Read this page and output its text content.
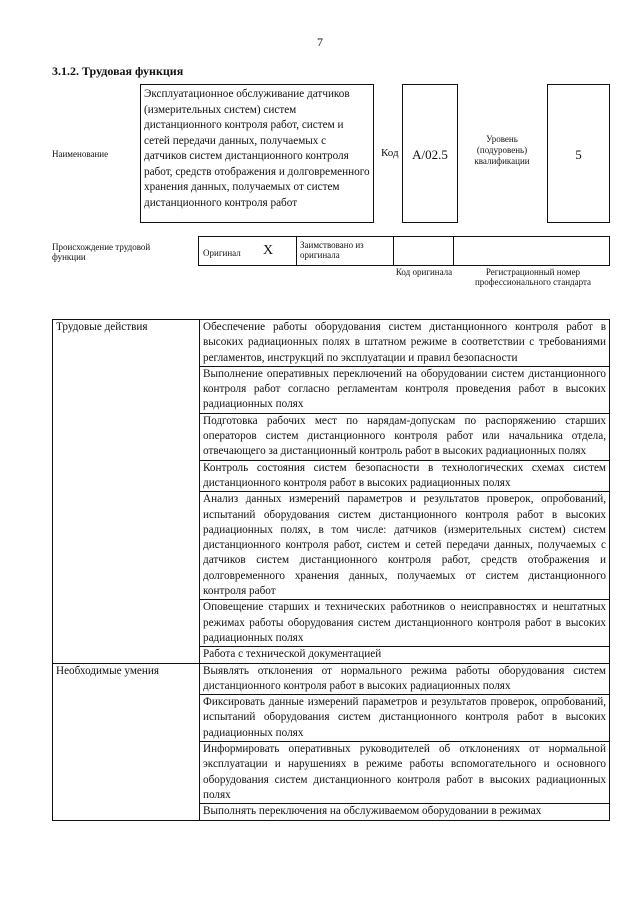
7
3.1.2. Трудовая функция
Наименование
Эксплуатационное обслуживание датчиков (измерительных систем) систем дистанционного контроля работ, систем и сетей передачи данных, получаемых с датчиков систем дистанционного контроля работ, средств отображения и долговременного хранения данных, получаемых от систем дистанционного контроля работ
Код	А/02.5
Уровень (подуровень) квалификации	5
Происхождение трудовой функции	Оригинал X	Заимствовано из оригинала
Код оригинала	Регистрационный номер профессионального стандарта
Трудовые действия	Обеспечение работы оборудования систем дистанционного контроля работ в высоких радиационных полях в штатном режиме в соответствии с требованиями регламентов, инструкций по эксплуатации и правил безопасности
	Выполнение оперативных переключений на оборудовании систем дистанционного контроля работ согласно регламентам контроля проведения работ в высоких радиационных полях
	Подготовка рабочих мест по нарядам-допускам по распоряжению старших операторов систем дистанционного контроля работ или начальника отдела, отвечающего за дистанционный контроль работ в высоких радиационных полях
	Контроль состояния систем безопасности в технологических схемах систем дистанционного контроля работ в высоких радиационных полях
	Анализ данных измерений параметров и результатов проверок, опробований, испытаний оборудования систем дистанционного контроля работ в высоких радиационных полях, в том числе: датчиков (измерительных систем) систем дистанционного контроля работ, систем и сетей передачи данных, получаемых с датчиков систем дистанционного контроля работ, средств отображения и долговременного хранения данных, получаемых от систем дистанционного контроля работ
	Оповещение старших и технических работников о неисправностях и нештатных режимах работы оборудования систем дистанционного контроля работ в высоких радиационных полях
	Работа с технической документацией
Необходимые умения	Выявлять отклонения от нормального режима работы оборудования систем дистанционного контроля работ в высоких радиационных полях
	Фиксировать данные измерений параметров и результатов проверок, опробований, испытаний оборудования систем дистанционного контроля работ в высоких радиационных полях
	Информировать оперативных руководителей об отклонениях от нормальной эксплуатации и нарушениях в режиме работы вспомогательного и основного оборудования систем дистанционного контроля работ в высоких радиационных полях
	Выполнять переключения на обслуживаемом оборудовании в режимах
